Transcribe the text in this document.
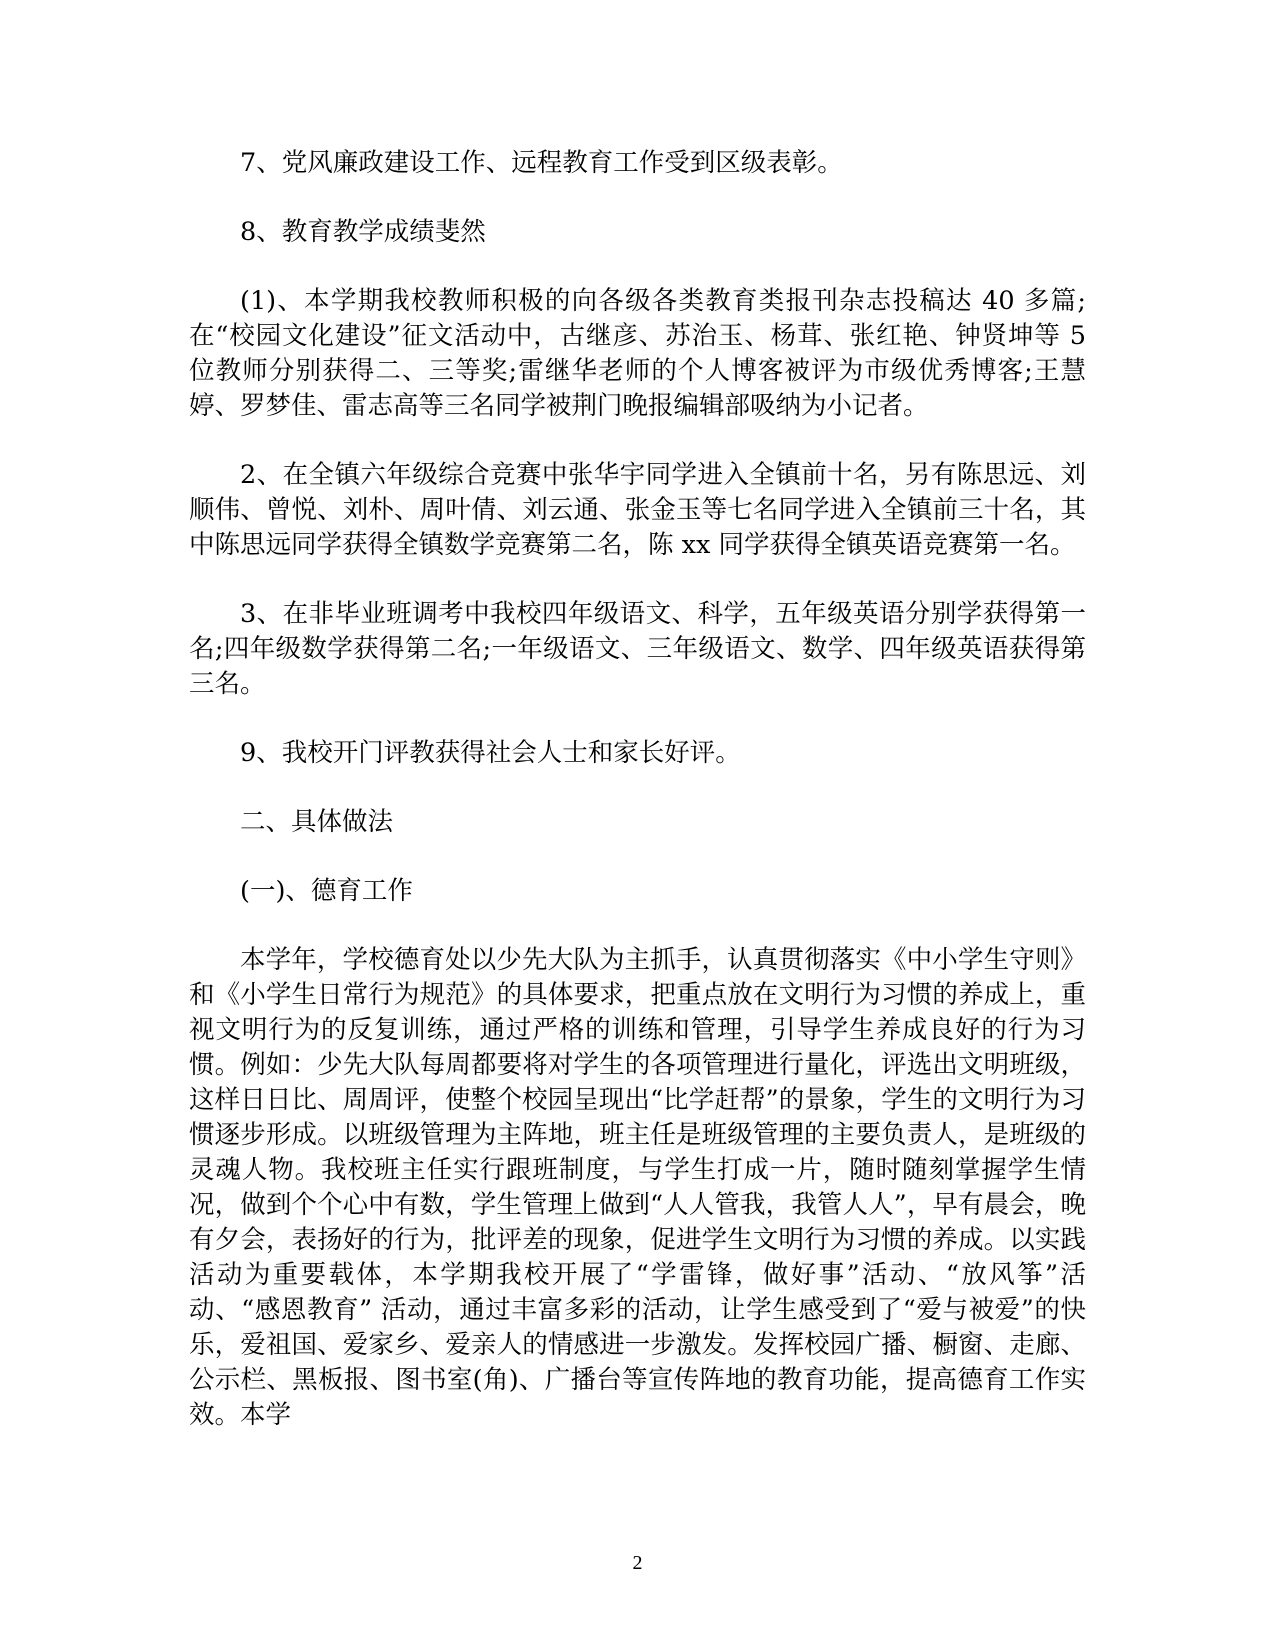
7、党风廉政建设工作、远程教育工作受到区级表彰。

8、教育教学成绩斐然

(1)、本学期我校教师积极的向各级各类教育类报刊杂志投稿达 40 多篇;在“校园文化建设”征文活动中，古继彦、苏治玉、杨茸、张红艳、钟贤坤等 5 位教师分别获得二、三等奖;雷继华老师的个人博客被评为市级优秀博客;王慧婷、罗梦佳、雷志高等三名同学被荆门晚报编辑部吸纳为小记者。

2、在全镇六年级综合竞赛中张华宇同学进入全镇前十名，另有陈思远、刘顺伟、曾悦、刘朴、周叶倩、刘云通、张金玉等七名同学进入全镇前三十名，其中陈思远同学获得全镇数学竞赛第二名，陈 xx 同学获得全镇英语竞赛第一名。

3、在非毕业班调考中我校四年级语文、科学，五年级英语分别学获得第一名;四年级数学获得第二名;一年级语文、三年级语文、数学、四年级英语获得第三名。

9、我校开门评教获得社会人士和家长好评。

二、具体做法

(一)、德育工作

本学年，学校德育处以少先大队为主抓手，认真贯彻落实《中小学生守则》和《小学生日常行为规范》的具体要求，把重点放在文明行为习惯的养成上，重视文明行为的反复训练，通过严格的训练和管理，引导学生养成良好的行为习惯。例如：少先大队每周都要将对学生的各项管理进行量化，评选出文明班级，这样日日比、周周评，使整个校园呈现出“比学赶帮”的景象，学生的文明行为习惯逐步形成。以班级管理为主阵地，班主任是班级管理的主要负责人，是班级的灵魂人物。我校班主任实行跟班制度，与学生打成一片，随时随刻掌握学生情况，做到个个心中有数，学生管理上做到“人人管我，我管人人”，早有晨会，晚有夕会，表扬好的行为，批评差的现象，促进学生文明行为习惯的养成。以实践活动为重要载体，本学期我校开展了“学雷锋，做好事”活动、“放风筝”活动、“感恩教育” 活动，通过丰富多彩的活动，让学生感受到了“爱与被爱”的快乐，爱祖国、爱家乡、爱亲人的情感进一步激发。发挥校园广播、橱窗、走廊、公示栏、黑板报、图书室(角)、广播台等宣传阵地的教育功能，提高德育工作实效。本学

2
